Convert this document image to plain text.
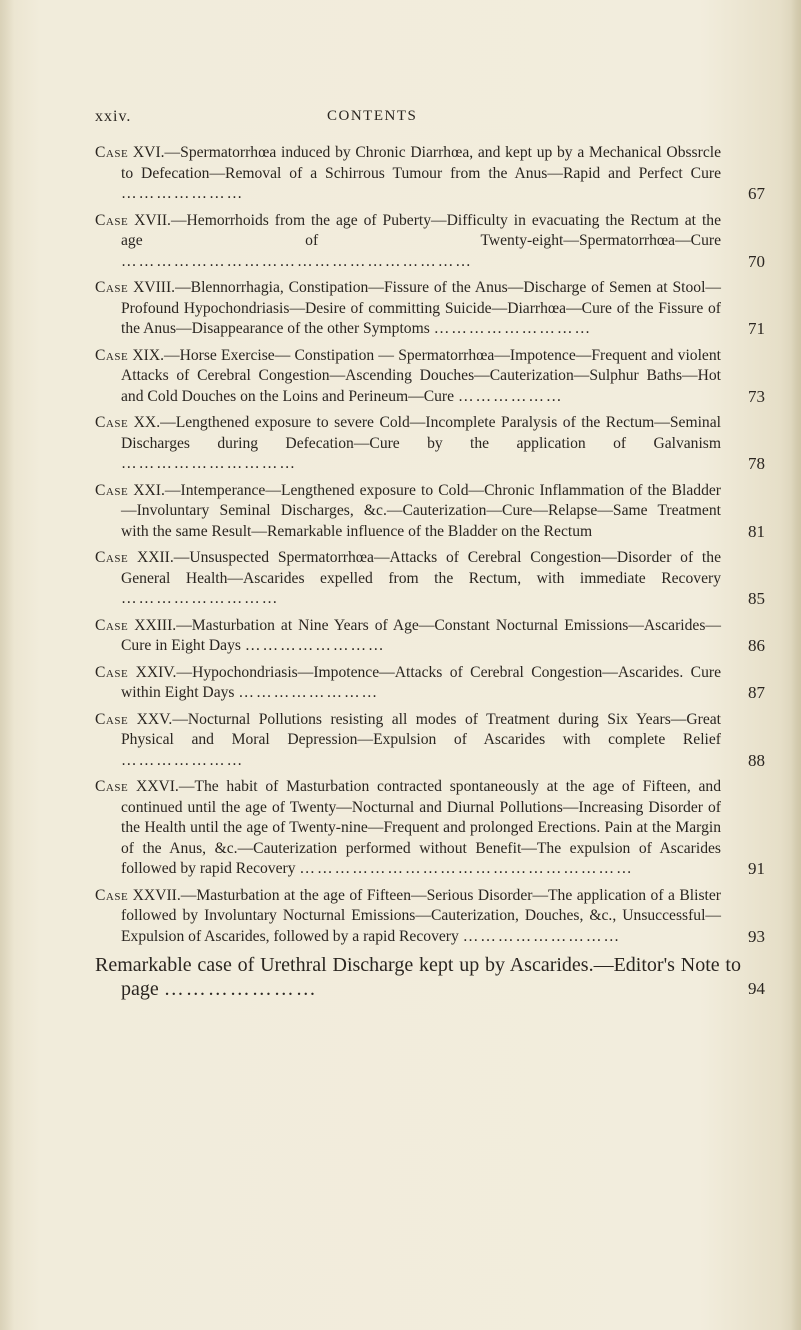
xxiv.	CONTENTS
Case XVI.—Spermatorrhœa induced by Chronic Diarrhœa, and kept up by a Mechanical Obssrcle to Defecation—Removal of a Schirrous Tumour from the Anus—Rapid and Perfect Cure …………………	67
Case XVII.—Hemorrhoids from the age of Puberty—Difficulty in evacuating the Rectum at the age of Twenty-eight—Spermatorrhœa—Cure ……………………………………………………	70
Case XVIII.—Blennorrhagia, Constipation—Fissure of the Anus—Discharge of Semen at Stool—Profound Hypochondriasis—Desire of committing Suicide—Diarrhœa—Cure of the Fissure of the Anus—Disappearance of the other Symptoms ………………………	71
Case XIX.—Horse Exercise— Constipation — Spermatorrhœa—Impotence—Frequent and violent Attacks of Cerebral Congestion—Ascending Douches—Cauterization—Sulphur Baths—Hot and Cold Douches on the Loins and Perineum—Cure ………………	73
Case XX.—Lengthened exposure to severe Cold—Incomplete Paralysis of the Rectum—Seminal Discharges during Defecation—Cure by the application of Galvanism …………………………	78
Case XXI.—Intemperance—Lengthened exposure to Cold—Chronic Inflammation of the Bladder—Involuntary Seminal Discharges, &c.—Cauterization—Cure—Relapse—Same Treatment with the same Result—Remarkable influence of the Bladder on the Rectum	81
Case XXII.—Unsuspected Spermatorrhœa—Attacks of Cerebral Congestion—Disorder of the General Health—Ascarides expelled from the Rectum, with immediate Recovery ………………………	85
Case XXIII.—Masturbation at Nine Years of Age—Constant Nocturnal Emissions—Ascarides—Cure in Eight Days ……………………	86
Case XXIV.—Hypochondriasis—Impotence—Attacks of Cerebral Congestion—Ascarides. Cure within Eight Days ……………………	87
Case XXV.—Nocturnal Pollutions resisting all modes of Treatment during Six Years—Great Physical and Moral Depression—Expulsion of Ascarides with complete Relief …………………	88
Case XXVI.—The habit of Masturbation contracted spontaneously at the age of Fifteen, and continued until the age of Twenty—Nocturnal and Diurnal Pollutions—Increasing Disorder of the Health until the age of Twenty-nine—Frequent and prolonged Erections. Pain at the Margin of the Anus, &c.—Cauterization performed without Benefit—The expulsion of Ascarides followed by rapid Recovery …………………………………………………	91
Case XXVII.—Masturbation at the age of Fifteen—Serious Disorder—The application of a Blister followed by Involuntary Nocturnal Emissions—Cauterization, Douches, &c., Unsuccessful—Expulsion of Ascarides, followed by a rapid Recovery ………………………	93
Remarkable case of Urethral Discharge kept up by Ascarides.—Editor's Note to page …………………	94
